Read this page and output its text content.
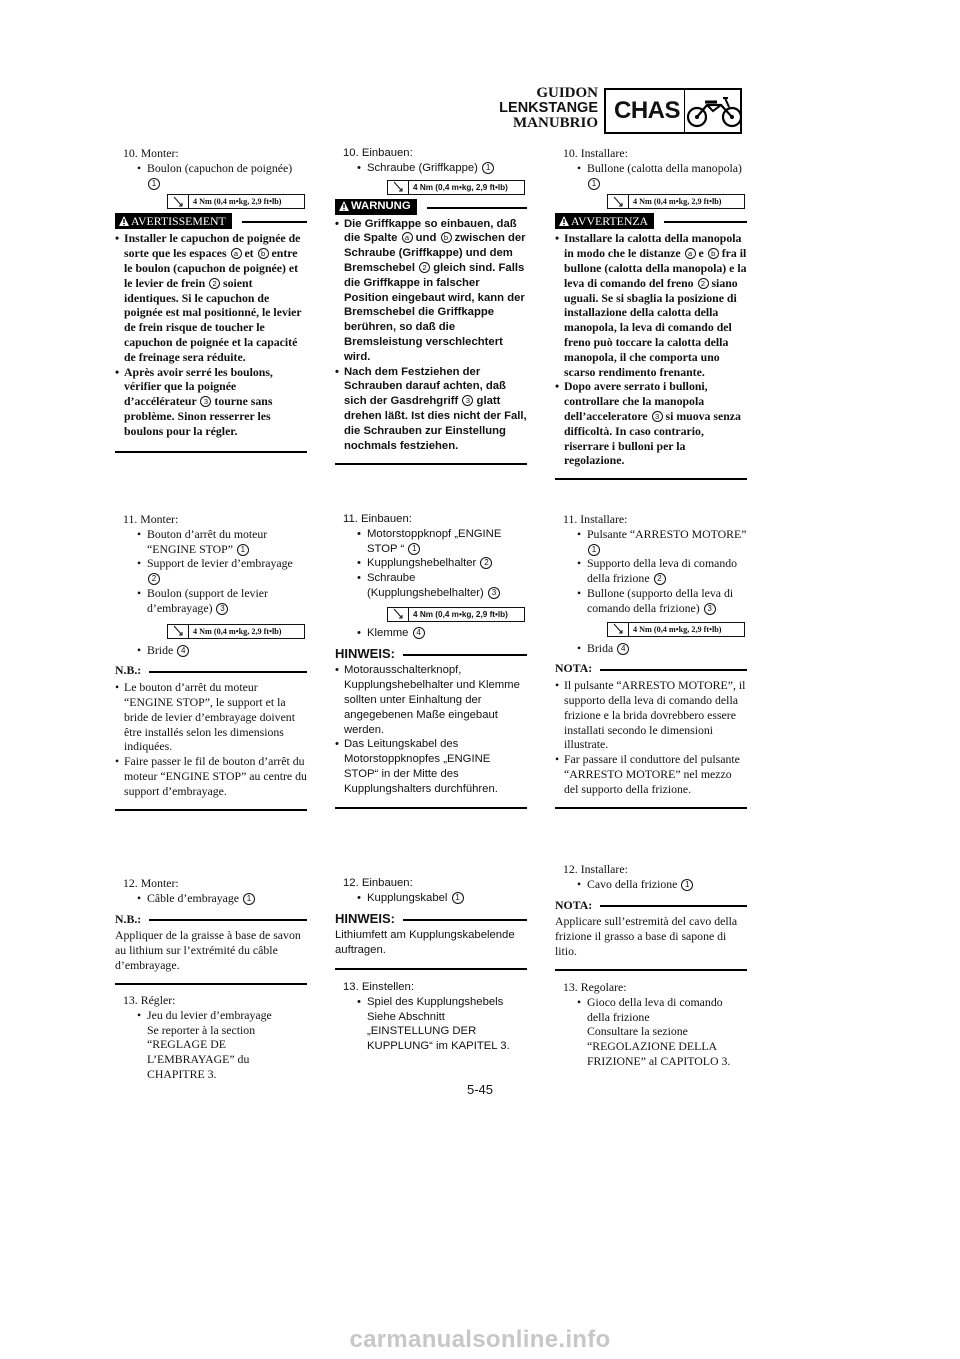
GUIDON
LENKSTANGE
MANUBRIO CHAS
10. Monter:
• Boulon (capuchon de poignée)
1
4 Nm (0,4 m•kg, 2,9 ft•lb)
AVERTISSEMENT
• Installer le capuchon de poignée de sorte que les espaces a et b entre le boulon (capuchon de poignée) et le levier de frein 2 soient identiques. Si le capuchon de poignée est mal positionné, le levier de frein risque de toucher le capuchon de poignée et la capacité de freinage sera réduite.
• Après avoir serré les boulons, vérifier que la poignée d’accélérateur 3 tourne sans problème. Sinon resserrer les boulons pour la régler.
11. Monter:
• Bouton d’arrêt du moteur “ENGINE STOP” 1
• Support de levier d’embrayage
2
• Boulon (support de levier d’embrayage) 3
4 Nm (0,4 m•kg, 2,9 ft•lb)
• Bride 4
N.B.:
• Le bouton d’arrêt du moteur “ENGINE STOP”, le support et la bride de levier d’embrayage doivent être installés selon les dimensions indiquées.
• Faire passer le fil de bouton d’arrêt du moteur “ENGINE STOP” au centre du support d’embrayage.
12. Monter:
• Câble d’embrayage 1
N.B.:
Appliquer de la graisse à base de savon au lithium sur l’extrémité du câble d’embrayage.
13. Régler:
• Jeu du levier d’embrayage
Se reporter à la section “REGLAGE DE L’EMBRAYAGE” du CHAPITRE 3.
10. Einbauen:
• Schraube (Griffkappe) 1
4 Nm (0,4 m•kg, 2,9 ft•lb)
WARNUNG
• Die Griffkappe so einbauen, daß die Spalte a und b zwischen der Schraube (Griffkappe) und dem Bremschebel 2 gleich sind. Falls die Griffkappe in falscher Position eingebaut wird, kann der Bremschebel die Griffkappe berühren, so daß die Bremsleistung verschlechtert wird.
• Nach dem Festziehen der Schrauben darauf achten, daß sich der Gasdrehgriff 3 glatt drehen läßt. Ist dies nicht der Fall, die Schrauben zur Einstellung nochmals festziehen.
11. Einbauen:
• Motorstoppknopf „ENGINE STOP “ 1
• Kupplungshebelhalter 2
• Schraube (Kupplungshebelhalter) 3
4 Nm (0,4 m•kg, 2,9 ft•lb)
• Klemme 4
HINWEIS:
• Motorausschalterknopf, Kupplungshebelhalter und Klemme sollten unter Einhaltung der angegebenen Maße eingebaut werden.
• Das Leitungskabel des Motorstoppknopfes „ENGINE STOP“ in der Mitte des Kupplungshalters durchführen.
12. Einbauen:
• Kupplungskabel 1
HINWEIS:
Lithiumfett am Kupplungskabelende auftragen.
13. Einstellen:
• Spiel des Kupplungshebels
Siehe Abschnitt „EINSTELLUNG DER KUPPLUNG“ im KAPITEL 3.
10. Installare:
• Bullone (calotta della manopola) 1
4 Nm (0,4 m•kg, 2,9 ft•lb)
AVVERTENZA
• Installare la calotta della manopola in modo che le distanze a e b fra il bullone (calotta della manopola) e la leva di comando del freno 2 siano uguali. Se si sbaglia la posizione di installazione della calotta della manopola, la leva di comando del freno può toccare la calotta della manopola, il che comporta uno scarso rendimento frenante.
• Dopo avere serrato i bulloni, controllare che la manopola dell’acceleratore 3 si muova senza difficoltà. In caso contrario, riserrare i bulloni per la regolazione.
11. Installare:
• Pulsante “ARRESTO MOTORE” 1
• Supporto della leva di comando della frizione 2
• Bullone (supporto della leva di comando della frizione) 3
4 Nm (0,4 m•kg, 2,9 ft•lb)
• Brida 4
NOTA:
• Il pulsante “ARRESTO MOTORE”, il supporto della leva di comando della frizione e la brida dovrebbero essere installati secondo le dimensioni illustrate.
• Far passare il conduttore del pulsante “ARRESTO MOTORE” nel mezzo del supporto della frizione.
12. Installare:
• Cavo della frizione 1
NOTA:
Applicare sull’estremità del cavo della frizione il grasso a base di sapone di litio.
13. Regolare:
• Gioco della leva di comando della frizione
Consultare la sezione “REGOLAZIONE DELLA FRIZIONE” al CAPITOLO 3.
5-45
carmanualsonline.info
